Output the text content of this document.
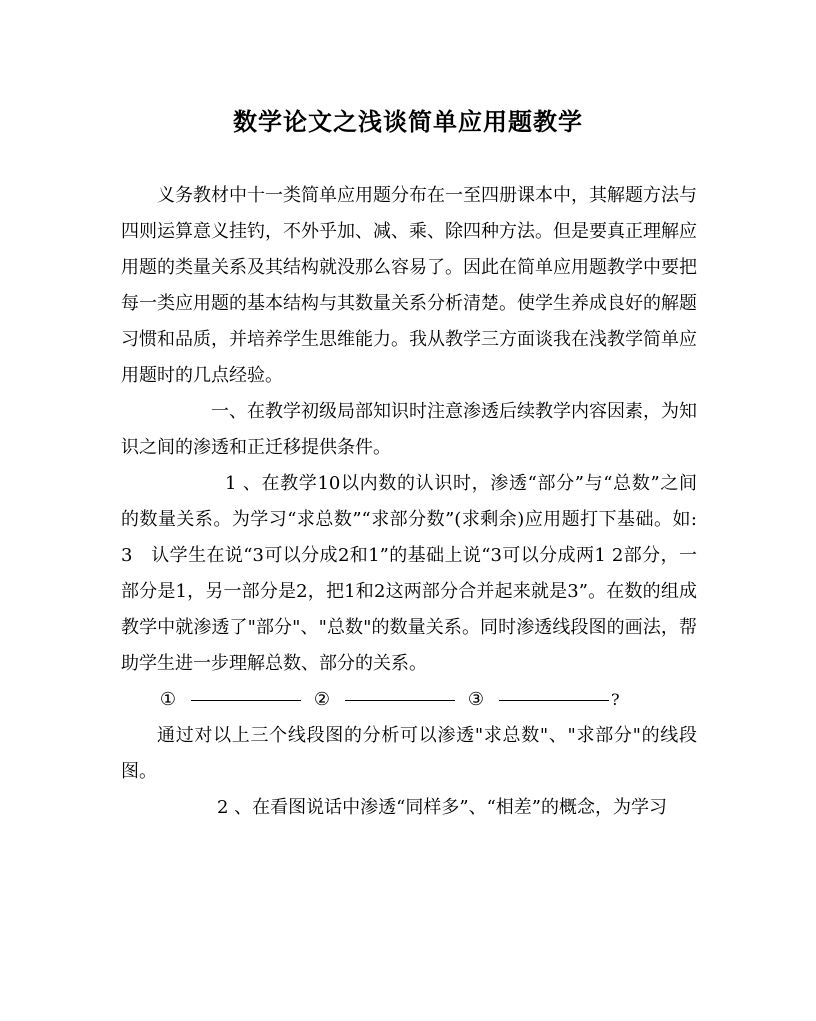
数学论文之浅谈简单应用题教学

义务教材中十一类简单应用题分布在一至四册课本中，其解题方法与四则运算意义挂钓，不外乎加、减、乘、除四种方法。但是要真正理解应用题的类量关系及其结构就没那么容易了。因此在简单应用题教学中要把每一类应用题的基本结构与其数量关系分析清楚。使学生养成良好的解题习惯和品质，并培养学生思维能力。我从教学三方面谈我在浅教学简单应用题时的几点经验。

一、在教学初级局部知识时注意渗透后续教学内容因素，为知识之间的渗透和正迁移提供条件。

1 、在教学10以内数的认识时，渗透“部分”与“总数”之间的数量关系。为学习“求总数”“求部分数”(求剩余)应用题打下基础。如: 3　认学生在说“3可以分成2和1”的基础上说“3可以分成两1 2部分，一部分是1，另一部分是2，把1和2这两部分合并起来就是3”。在数的组成教学中就渗透了"部分"、"总数"的数量关系。同时渗透线段图的画法，帮助学生进一步理解总数、部分的关系。

①	②	③	?

通过对以上三个线段图的分析可以渗透"求总数"、"求部分"的线段图。

2 、在看图说话中渗透“同样多”、“相差”的概念，为学习
